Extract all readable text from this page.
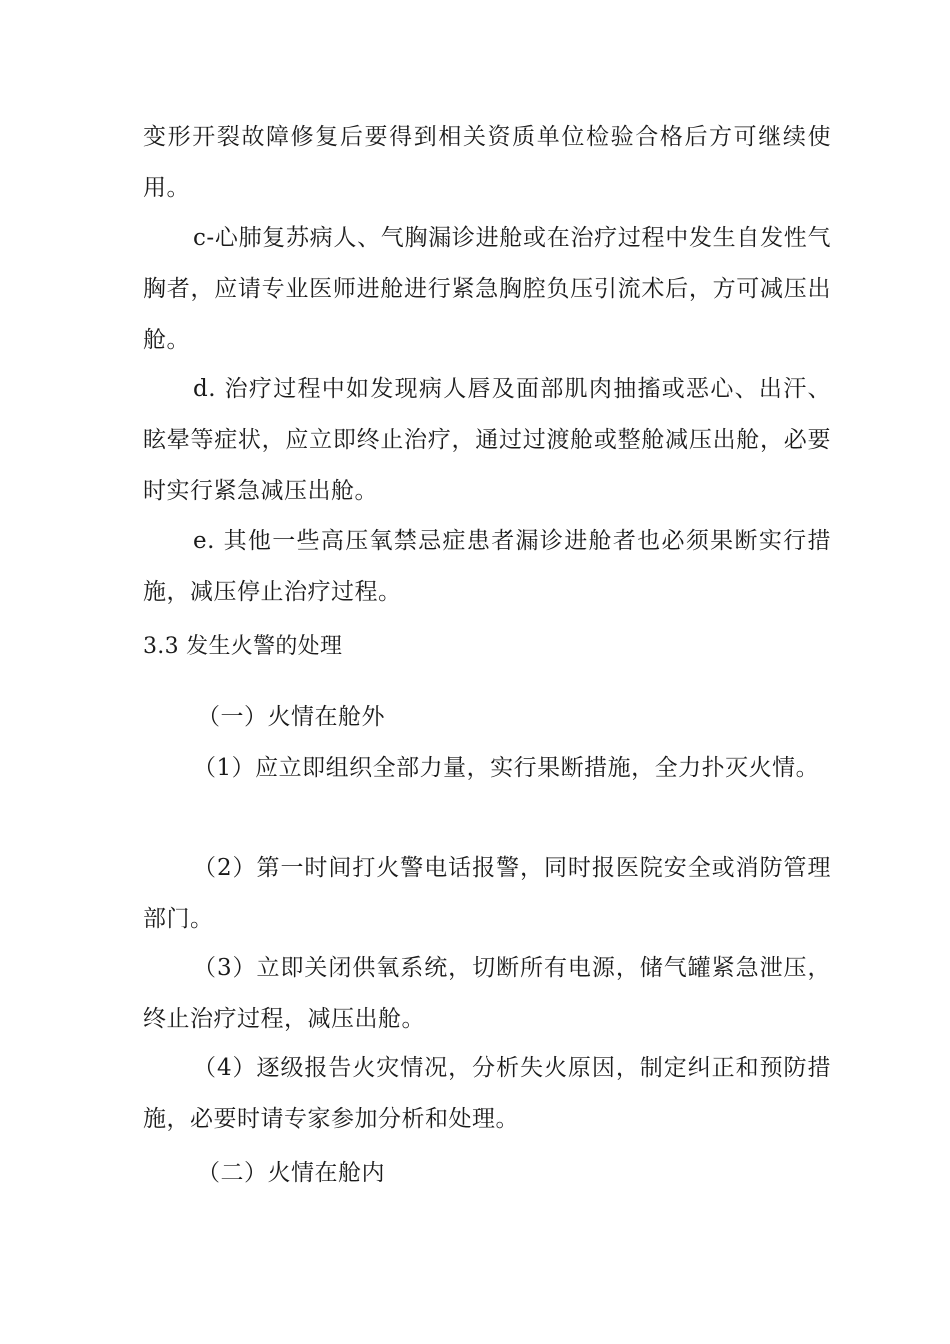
变形开裂故障修复后要得到相关资质单位检验合格后方可继续使用。

c-心肺复苏病人、气胸漏诊进舱或在治疗过程中发生自发性气胸者，应请专业医师进舱进行紧急胸腔负压引流术后，方可减压出舱。

d. 治疗过程中如发现病人唇及面部肌肉抽搐或恶心、出汗、眩晕等症状，应立即终止治疗，通过过渡舱或整舱减压出舱，必要时实行紧急减压出舱。

e. 其他一些高压氧禁忌症患者漏诊进舱者也必须果断实行措施，减压停止治疗过程。

3.3 发生火警的处理

（一）火情在舱外

（1）应立即组织全部力量，实行果断措施，全力扑灭火情。

（2）第一时间打火警电话报警，同时报医院安全或消防管理部门。

（3）立即关闭供氧系统，切断所有电源，储气罐紧急泄压，终止治疗过程，减压出舱。

（4）逐级报告火灾情况，分析失火原因，制定纠正和预防措施，必要时请专家参加分析和处理。

（二）火情在舱内
